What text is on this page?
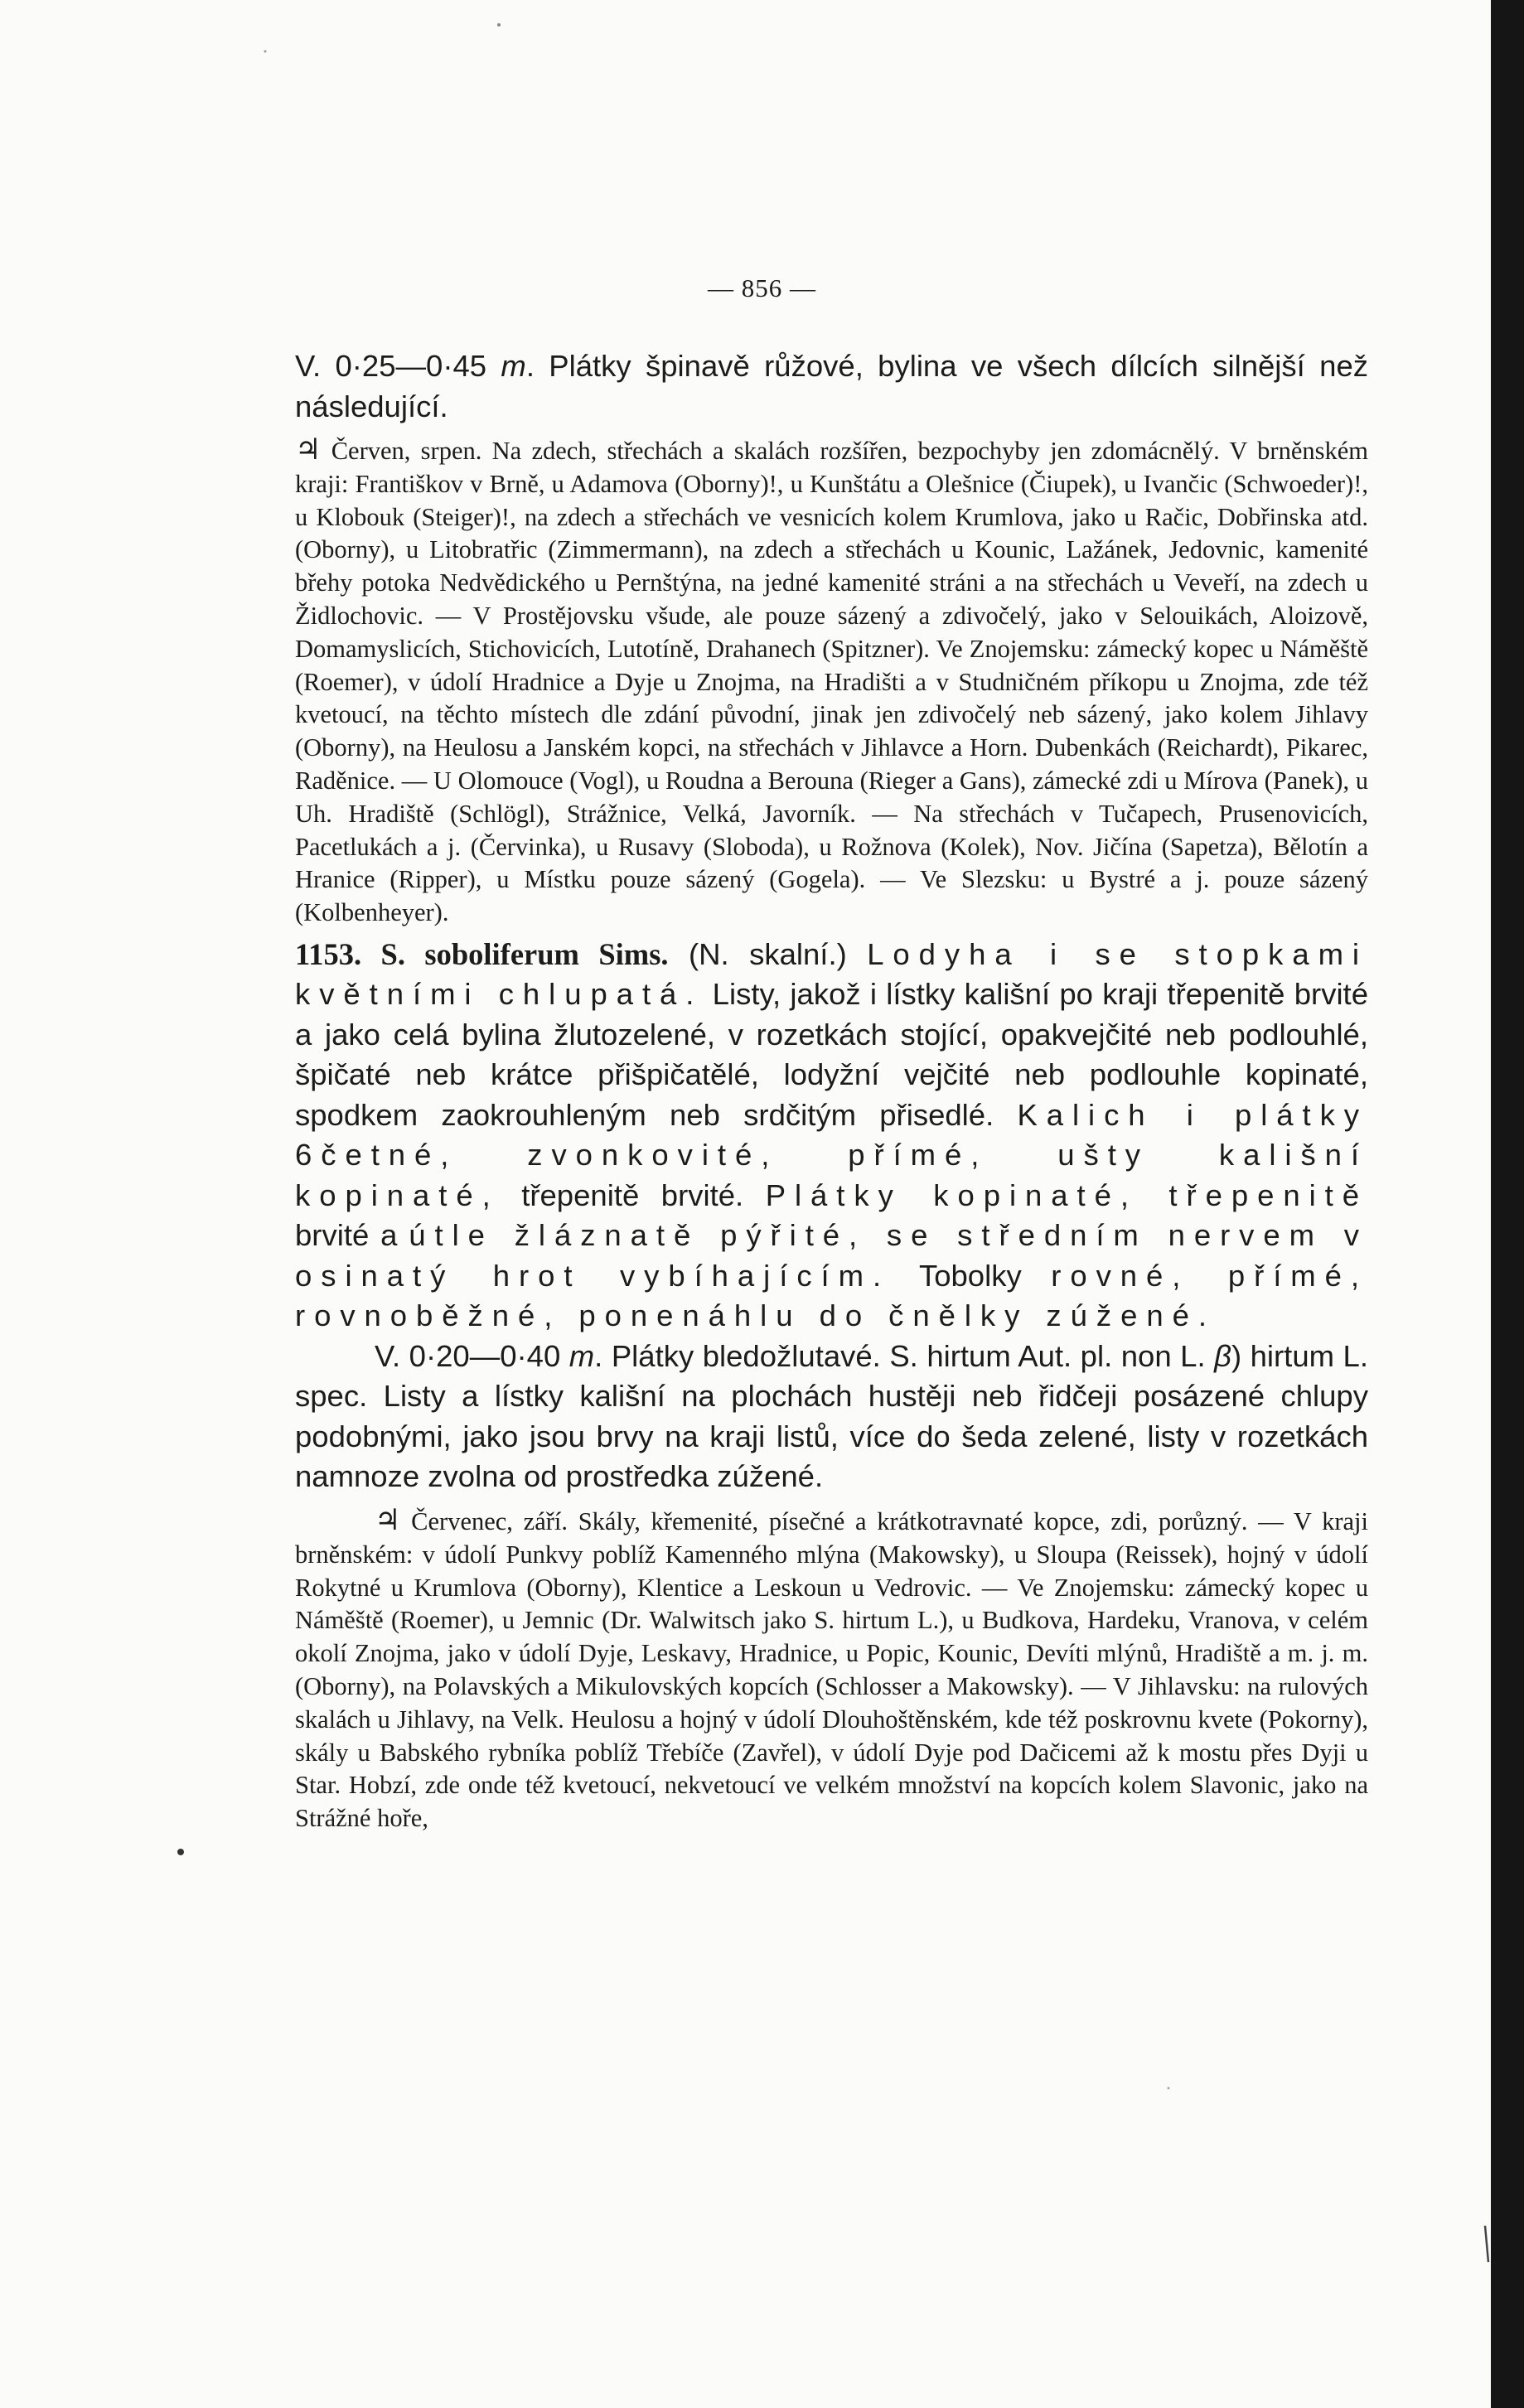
— 856 —

V. 0·25—0·45 m. Plátky špinavě růžové, bylina ve všech dílcích silnější než následující.

♃ Červen, srpen. Na zdech, střechách a skalách rozšířen, bezpochyby jen zdomácnělý. V brněnském kraji: Františkov v Brně, u Adamova (Oborny)!, u Kunštátu a Olešnice (Čiupek), u Ivančic (Schwoeder)!, u Klobouk (Steiger)!, na zdech a střechách ve vesnicích kolem Krumlova, jako u Račic, Dobřinska atd. (Oborny), u Litobratřic (Zimmermann), na zdech a střechách u Kounic, Lažánek, Jedovnic, kamenité břehy potoka Nedvědického u Pernštýna, na jedné kamenité stráni a na střechách u Veveří, na zdech u Židlochovic. — V Prostějovsku všude, ale pouze sázený a zdivočelý, jako v Selouikách, Aloizově, Domamyslicích, Stichovicích, Lutotíně, Drahanech (Spitzner). Ve Znojemsku: zámecký kopec u Náměště (Roemer), v údolí Hradnice a Dyje u Znojma, na Hradišti a v Studničném příkopu u Znojma, zde též kvetoucí, na těchto místech dle zdání původní, jinak jen zdivočelý neb sázený, jako kolem Jihlavy (Oborny), na Heulosu a Janském kopci, na střechách v Jihlavce a Horn. Dubenkách (Reichardt), Pikarec, Raděnice. — U Olomouce (Vogl), u Roudna a Berouna (Rieger a Gans), zámecké zdi u Mírova (Panek), u Uh. Hradiště (Schlögl), Strážnice, Velká, Javorník. — Na střechách v Tučapech, Prusenovicích, Pacetlukách a j. (Červinka), u Rusavy (Sloboda), u Rožnova (Kolek), Nov. Jičína (Sapetza), Bělotín a Hranice (Ripper), u Místku pouze sázený (Gogela). — Ve Slezsku: u Bystré a j. pouze sázený (Kolbenheyer).

1153. S. soboliferum Sims. (N. skalní.) Lodyha i se stopkami květními chlupatá. Listy, jakož i lístky kališní po kraji třepenitě brvité a jako celá bylina žlutozelené, v rozetkách stojící, opakvejčité neb podlouhlé, špičaté neb krátce přišpičatělé, lodyžní vejčité neb podlouhle kopinaté, spodkem zaokrouhleným neb srdčitým přisedlé. Kalich i plátky 6četné, zvonkovité, přímé, ušty kališní kopinaté, třepenitě brvité. Plátky kopinaté, třepenitě brvité a útle žláznatě pýřité, se středním nervem v osinatý hrot vybíhajícím. Tobolky rovné, přímé, rovnoběžné, ponenáhlu do čnělky zúžené.

V. 0·20—0·40 m. Plátky bledožlutavé. S. hirtum Aut. pl. non L. β) hirtum L. spec. Listy a lístky kališní na plochách hustěji neb řidčeji posázené chlupy podobnými, jako jsou brvy na kraji listů, více do šeda zelené, listy v rozetkách namnoze zvolna od prostředka zúžené.

♃ Červenec, září. Skály, křemenité, písečné a krátkotravnaté kopce, zdi, porůzný. — V kraji brněnském: v údolí Punkvy poblíž Kamenného mlýna (Makowsky), u Sloupa (Reissek), hojný v údolí Rokytné u Krumlova (Oborny), Klentice a Leskoun u Vedrovic. — Ve Znojemsku: zámecký kopec u Náměště (Roemer), u Jemnic (Dr. Walwitsch jako S. hirtum L.), u Budkova, Hardeku, Vranova, v celém okolí Znojma, jako v údolí Dyje, Leskavy, Hradnice, u Popic, Kounic, Devíti mlýnů, Hradiště a m. j. m. (Oborny), na Polavských a Mikulovských kopcích (Schlosser a Makowsky). — V Jihlavsku: na rulových skalách u Jihlavy, na Velk. Heulosu a hojný v údolí Dlouhoštěnském, kde též poskrovnu kvete (Pokorny), skály u Babského rybníka poblíž Třebíče (Zavřel), v údolí Dyje pod Dačicemi až k mostu přes Dyji u Star. Hobzí, zde onde též kvetoucí, nekvetoucí ve velkém množství na kopcích kolem Slavonic, jako na Strážné hoře,
